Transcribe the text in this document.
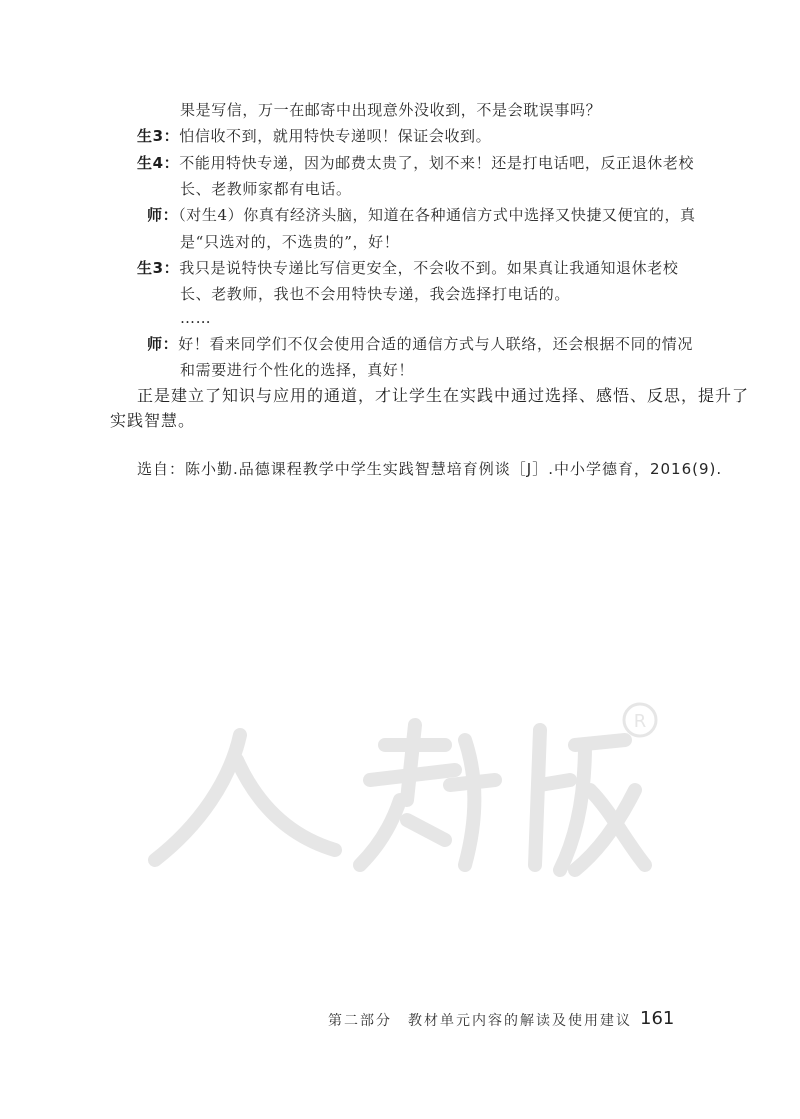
果是写信，万一在邮寄中出现意外没收到，不是会耽误事吗？
生3：怕信收不到，就用特快专递呗！保证会收到。
生4：不能用特快专递，因为邮费太贵了，划不来！还是打电话吧，反正退休老校
长、老教师家都有电话。
师：（对生4）你真有经济头脑，知道在各种通信方式中选择又快捷又便宜的，真
是“只选对的，不选贵的”，好！
生3：我只是说特快专递比写信更安全，不会收不到。如果真让我通知退休老校
长、老教师，我也不会用特快专递，我会选择打电话的。
……
师：好！看来同学们不仅会使用合适的通信方式与人联络，还会根据不同的情况
和需要进行个性化的选择，真好！
正是建立了知识与应用的通道，才让学生在实践中通过选择、感悟、反思，提升了
实践智慧。
选自：陈小勤.品德课程教学中学生实践智慧培育例谈［J］.中小学德育，2016(9).
R
第二部分　教材单元内容的解读及使用建议 161
